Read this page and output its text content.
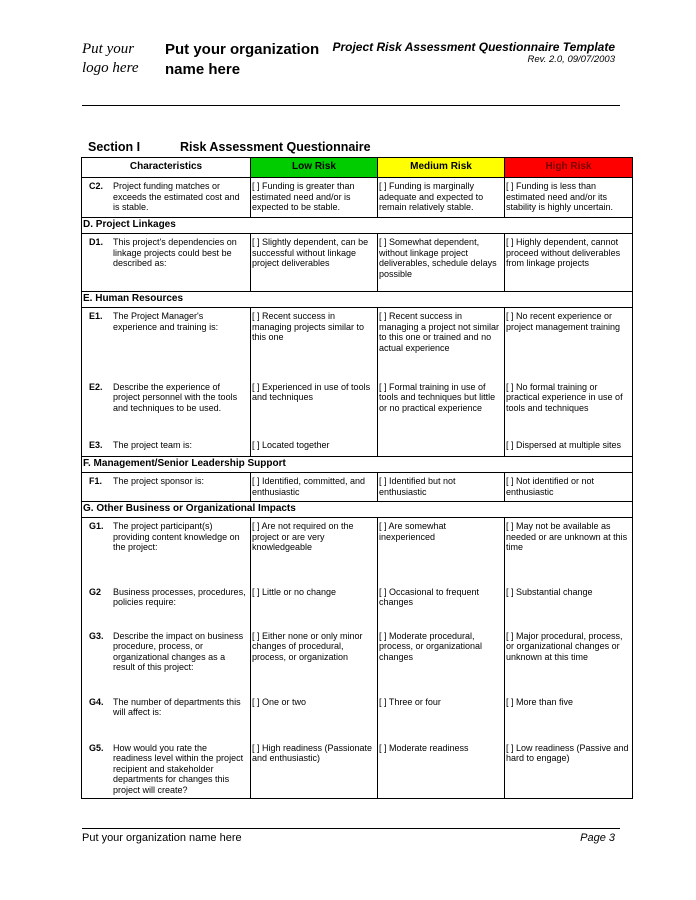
Put your logo here
Put your organization name here
Project Risk Assessment Questionnaire Template
Rev. 2.0, 09/07/2003
Section I	Risk Assessment Questionnaire
Characteristics	Low Risk	Medium Risk	High Risk

C2. Project funding matches or exceeds the estimated cost and is stable.	[ ] Funding is greater than estimated need and/or is expected to be stable.	[ ] Funding is marginally adequate and expected to remain relatively stable.	[ ] Funding is less than estimated need and/or its stability is highly uncertain.
D. Project Linkages			

D1. This project's dependencies on linkage projects could best be described as:	[ ] Slightly dependent, can be successful without linkage project deliverables	[ ] Somewhat dependent, without linkage project deliverables, schedule delays possible	[ ] Highly dependent, cannot proceed without deliverables from linkage projects
E. Human Resources			

E1. The Project Manager's experience and training is:	[ ] Recent success in managing projects similar to this one	[ ] Recent success in managing a project not similar to this one or trained and no actual experience	[ ] No recent experience or project management training

E2. Describe the experience of project personnel with the tools and techniques to be used.	[ ] Experienced in use of tools and techniques	[ ] Formal training in use of tools and techniques but little or no practical experience	[ ] No formal training or practical experience in use of tools and techniques

E3. The project team is:	[ ] Located together		[ ] Dispersed at multiple sites
F. Management/Senior Leadership Support			

F1. The project sponsor is:	[ ] Identified, committed, and enthusiastic	[ ] Identified but not enthusiastic	[ ] Not identified or not enthusiastic
G. Other Business or Organizational Impacts			

G1. The project participant(s) providing content knowledge on the project:	[ ] Are not required on the project or are very knowledgeable	[ ] Are somewhat inexperienced	[ ] May not be available as needed or are unknown at this time

G2 Business processes, procedures, policies require:	[ ] Little or no change	[ ] Occasional to frequent changes	[ ] Substantial change

G3. Describe the impact on business procedure, process, or organizational changes as a result of this project:	[ ] Either none or only minor changes of procedural, process, or organization	[ ] Moderate procedural, process, or organizational changes	[ ] Major procedural, process, or organizational changes or unknown at this time

G4. The number of departments this will affect is:	[ ] One or two	[ ] Three or four	[ ] More than five

G5. How would you rate the readiness level within the project recipient and stakeholder departments for changes this project will create?	[ ] High readiness (Passionate and enthusiastic)	[ ] Moderate readiness	[ ] Low readiness (Passive and hard to engage)
Put your organization name here	Page 3
